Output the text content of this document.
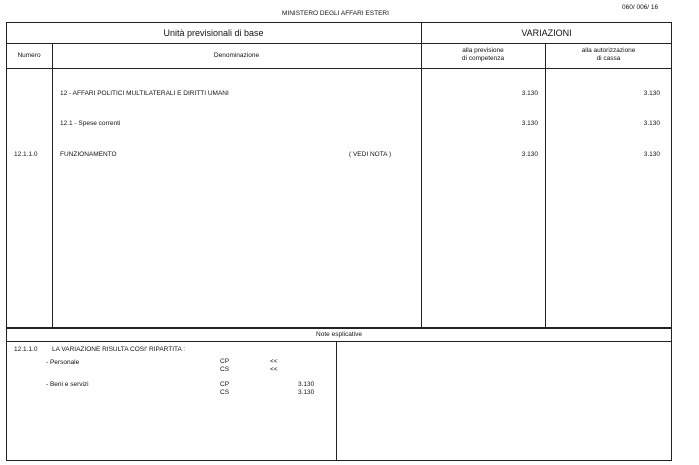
MINISTERO DEGLI AFFARI ESTERI
060/ 006/ 16
Unità previsionali di base	VARIAZIONI
Numero	Denominazione
alla previsione
di competenza
alla autorizzazione
di cassa
12 - AFFARI POLITICI MULTILATERALI E DIRITTI UMANI	3.130	3.130
12.1 - Spese correnti	3.130	3.130
12.1.1.0	FUNZIONAMENTO	( VEDI NOTA )	3.130	3.130
Note esplicative
12.1.1.0 LA VARIAZIONE RISULTA COSI' RIPARTITA :
- Personale	CP	<<
CS	<<
- Beni e servizi	CP	3.130
CS	3.130
